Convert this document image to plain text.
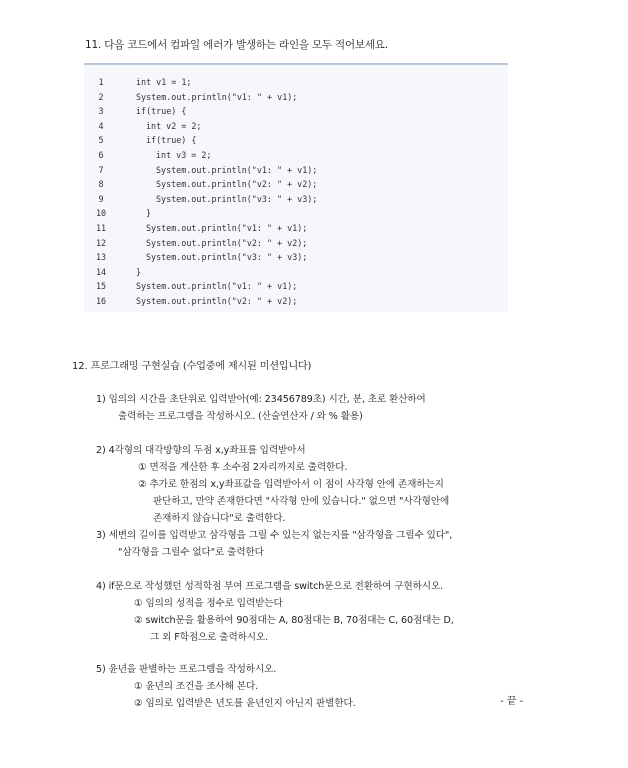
11. 다음 코드에서 컴파일 에러가 발생하는 라인을 모두 적어보세요.
1
2
3
4
5
6
7
8
9
10
11
12
13
14
15
16
int v1 = 1;
System.out.println("v1: " + v1);
if(true) {
int v2 = 2;
if(true) {
int v3 = 2;
System.out.println("v1: " + v1);
System.out.println("v2: " + v2);
System.out.println("v3: " + v3);
}
System.out.println("v1: " + v1);
System.out.println("v2: " + v2);
System.out.println("v3: " + v3);
}
System.out.println("v1: " + v1);
System.out.println("v2: " + v2);
12. 프로그래밍 구현실습 (수업중에 제시된 미션입니다)
1) 임의의 시간을 초단위로 입력받아(예: 23456789초) 시간, 분, 초로 환산하여
출력하는 프로그램을 작성하시오. (산술연산자 / 와 % 활용)
2) 4각형의 대각방향의 두점 x,y좌표를 입력받아서
① 면적을 계산한 후 소수점 2자리까지로 출력한다.
② 추가로 한점의 x,y좌표값을 입력받아서 이 점이 사각형 안에 존재하는지
판단하고, 만약 존재한다면 "사각형 안에 있습니다." 없으면 "사각형안에
존재하지 않습니다"로 출력한다.
3) 세변의 길이를 입력받고 삼각형을 그릴 수 있는지 없는지를 "삼각형을 그릴수 있다",
"삼각형을 그릴수 없다"로 출력한다
4) if문으로 작성했던 성적학점 부여 프로그램을 switch문으로 전환하여 구현하시오.
① 임의의 성적을 정수로 입력받는다
② switch문을 활용하여 90점대는 A, 80점대는 B, 70점대는 C, 60점대는 D,
그 외 F학점으로 출력하시오.
5) 윤년을 판별하는 프로그램을 작성하시오.
① 윤년의 조건을 조사해 본다.
② 임의로 입력받은 년도를 윤년인지 아닌지 판별한다.	- 끝 -
